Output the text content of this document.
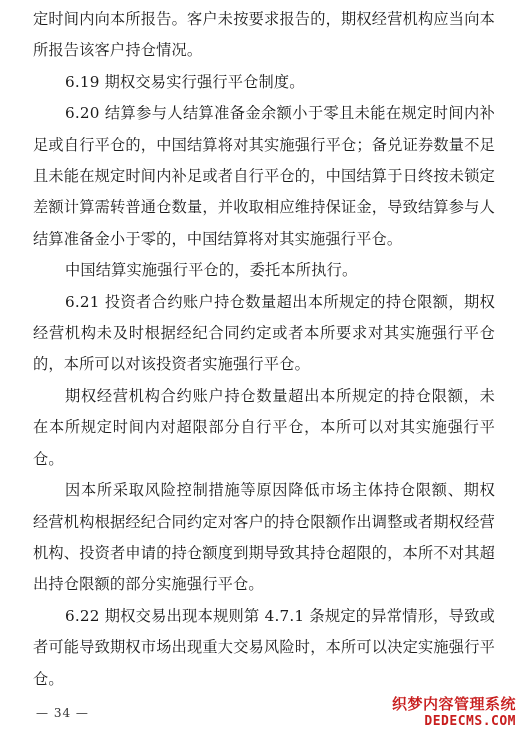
定时间内向本所报告。客户未按要求报告的，期权经营机构应当向本所报告该客户持仓情况。

6.19 期权交易实行强行平仓制度。

6.20 结算参与人结算准备金余额小于零且未能在规定时间内补足或自行平仓的，中国结算将对其实施强行平仓；备兑证券数量不足且未能在规定时间内补足或者自行平仓的，中国结算于日终按未锁定差额计算需转普通仓数量，并收取相应维持保证金，导致结算参与人结算准备金小于零的，中国结算将对其实施强行平仓。

中国结算实施强行平仓的，委托本所执行。

6.21 投资者合约账户持仓数量超出本所规定的持仓限额，期权经营机构未及时根据经纪合同约定或者本所要求对其实施强行平仓的，本所可以对该投资者实施强行平仓。

期权经营机构合约账户持仓数量超出本所规定的持仓限额，未在本所规定时间内对超限部分自行平仓，本所可以对其实施强行平仓。

因本所采取风险控制措施等原因降低市场主体持仓限额、期权经营机构根据经纪合同约定对客户的持仓限额作出调整或者期权经营机构、投资者申请的持仓额度到期导致其持仓超限的，本所不对其超出持仓限额的部分实施强行平仓。

6.22 期权交易出现本规则第 4.7.1 条规定的异常情形，导致或者可能导致期权市场出现重大交易风险时，本所可以决定实施强行平仓。

— 34 —	织梦内容管理系统
DEDECMS.COM
